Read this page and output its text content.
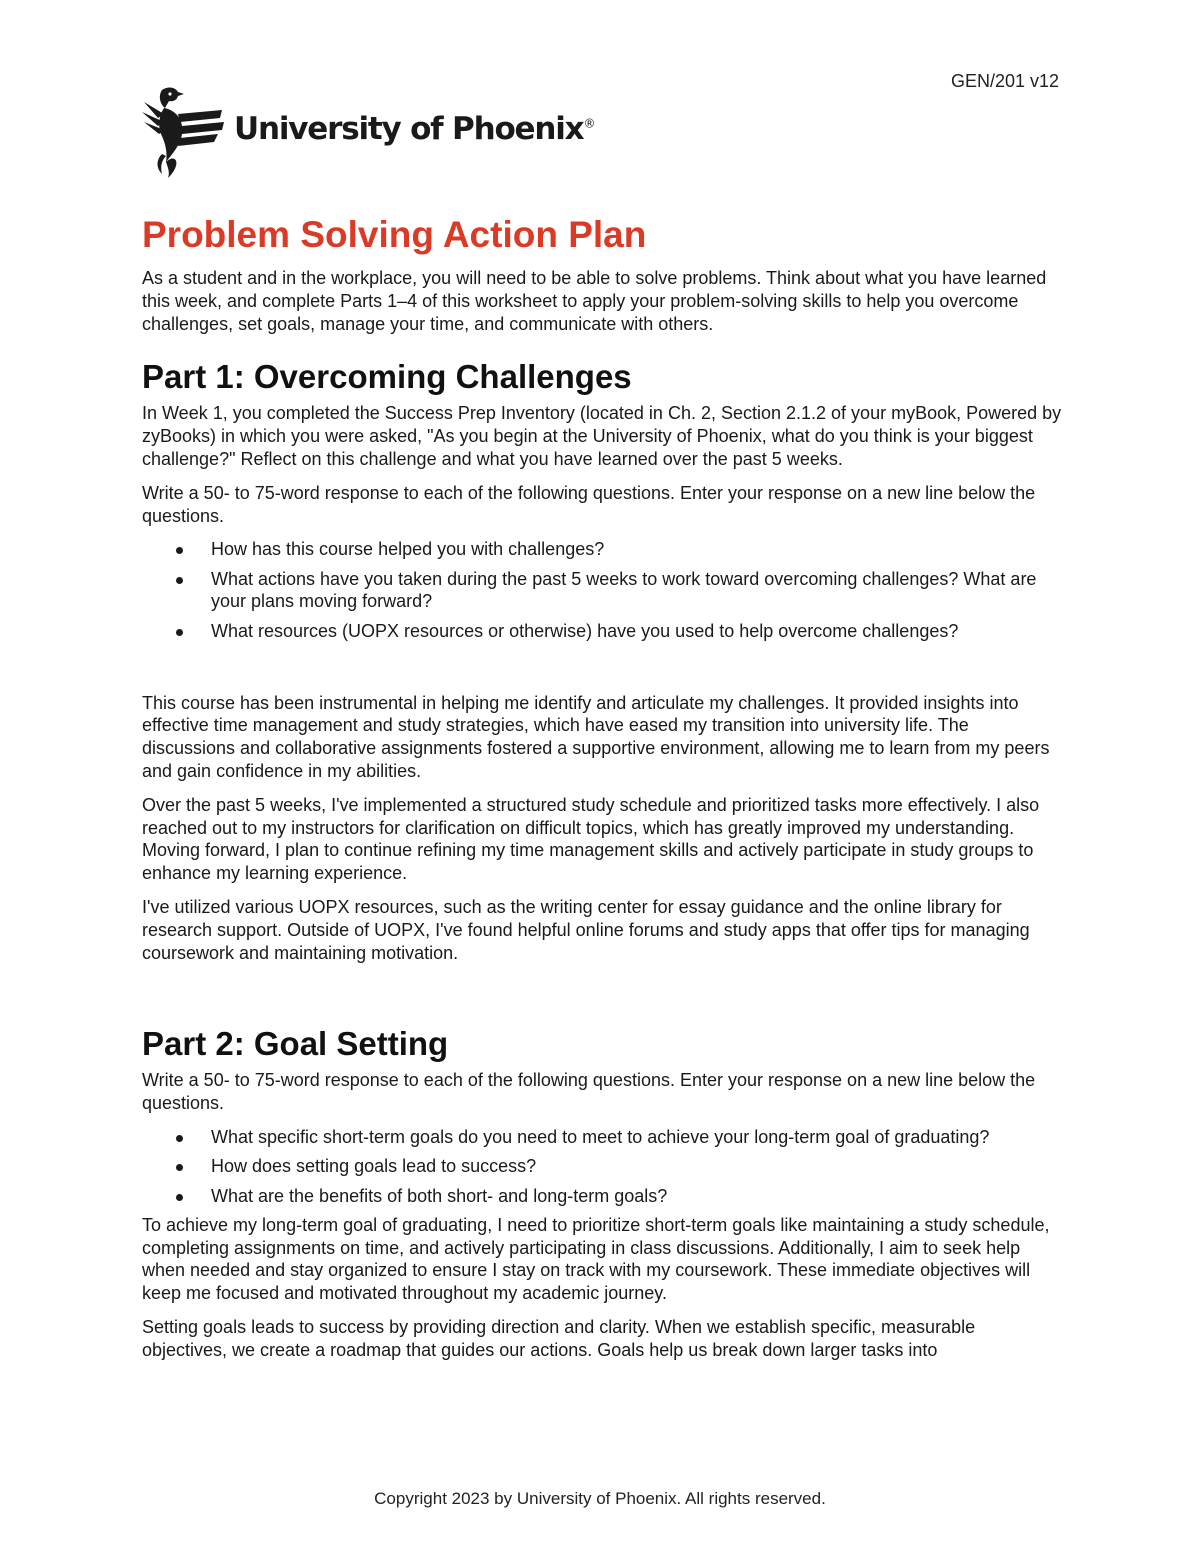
GEN/201 v12
University of Phoenix®
Problem Solving Action Plan

As a student and in the workplace, you will need to be able to solve problems. Think about what you have learned this week, and complete Parts 1–4 of this worksheet to apply your problem-solving skills to help you overcome challenges, set goals, manage your time, and communicate with others.

Part 1: Overcoming Challenges

In Week 1, you completed the Success Prep Inventory (located in Ch. 2, Section 2.1.2 of your myBook, Powered by zyBooks) in which you were asked, "As you begin at the University of Phoenix, what do you think is your biggest challenge?" Reflect on this challenge and what you have learned over the past 5 weeks.

Write a 50- to 75-word response to each of the following questions. Enter your response on a new line below the questions.

How has this course helped you with challenges?
What actions have you taken during the past 5 weeks to work toward overcoming challenges? What are your plans moving forward?
What resources (UOPX resources or otherwise) have you used to help overcome challenges?

This course has been instrumental in helping me identify and articulate my challenges. It provided insights into effective time management and study strategies, which have eased my transition into university life. The discussions and collaborative assignments fostered a supportive environment, allowing me to learn from my peers and gain confidence in my abilities.

Over the past 5 weeks, I've implemented a structured study schedule and prioritized tasks more effectively. I also reached out to my instructors for clarification on difficult topics, which has greatly improved my understanding. Moving forward, I plan to continue refining my time management skills and actively participate in study groups to enhance my learning experience.

I've utilized various UOPX resources, such as the writing center for essay guidance and the online library for research support. Outside of UOPX, I've found helpful online forums and study apps that offer tips for managing coursework and maintaining motivation.

Part 2: Goal Setting

Write a 50- to 75-word response to each of the following questions. Enter your response on a new line below the questions.

What specific short-term goals do you need to meet to achieve your long-term goal of graduating?
How does setting goals lead to success?
What are the benefits of both short- and long-term goals?

To achieve my long-term goal of graduating, I need to prioritize short-term goals like maintaining a study schedule, completing assignments on time, and actively participating in class discussions. Additionally, I aim to seek help when needed and stay organized to ensure I stay on track with my coursework. These immediate objectives will keep me focused and motivated throughout my academic journey.

Setting goals leads to success by providing direction and clarity. When we establish specific, measurable objectives, we create a roadmap that guides our actions. Goals help us break down larger tasks into

Copyright 2023 by University of Phoenix. All rights reserved.
